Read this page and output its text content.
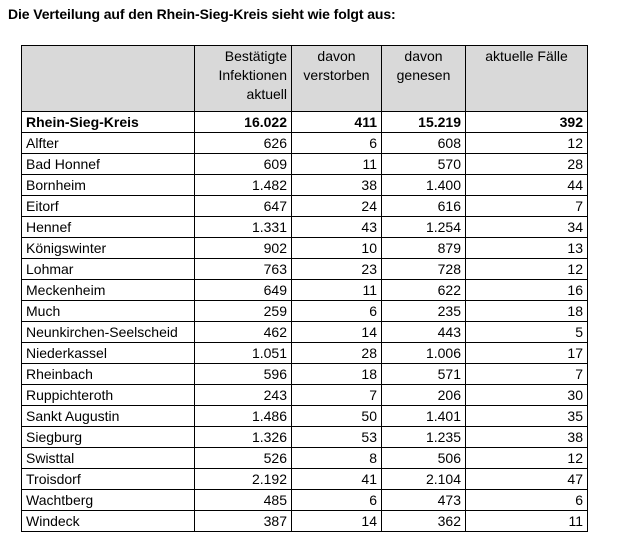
Die Verteilung auf den Rhein-Sieg-Kreis sieht wie folgt aus:

	Bestätigte
Infektionen
aktuell	davon
verstorben	davon
genesen	aktuelle Fälle

Rhein-Sieg-Kreis	16.022	411	15.219	392
Alfter	626	6	608	12
Bad Honnef	609	11	570	28
Bornheim	1.482	38	1.400	44
Eitorf	647	24	616	7
Hennef	1.331	43	1.254	34
Königswinter	902	10	879	13
Lohmar	763	23	728	12
Meckenheim	649	11	622	16
Much	259	6	235	18
Neunkirchen-Seelscheid	462	14	443	5
Niederkassel	1.051	28	1.006	17
Rheinbach	596	18	571	7
Ruppichteroth	243	7	206	30
Sankt Augustin	1.486	50	1.401	35
Siegburg	1.326	53	1.235	38
Swisttal	526	8	506	12
Troisdorf	2.192	41	2.104	47
Wachtberg	485	6	473	6
Windeck	387	14	362	11
